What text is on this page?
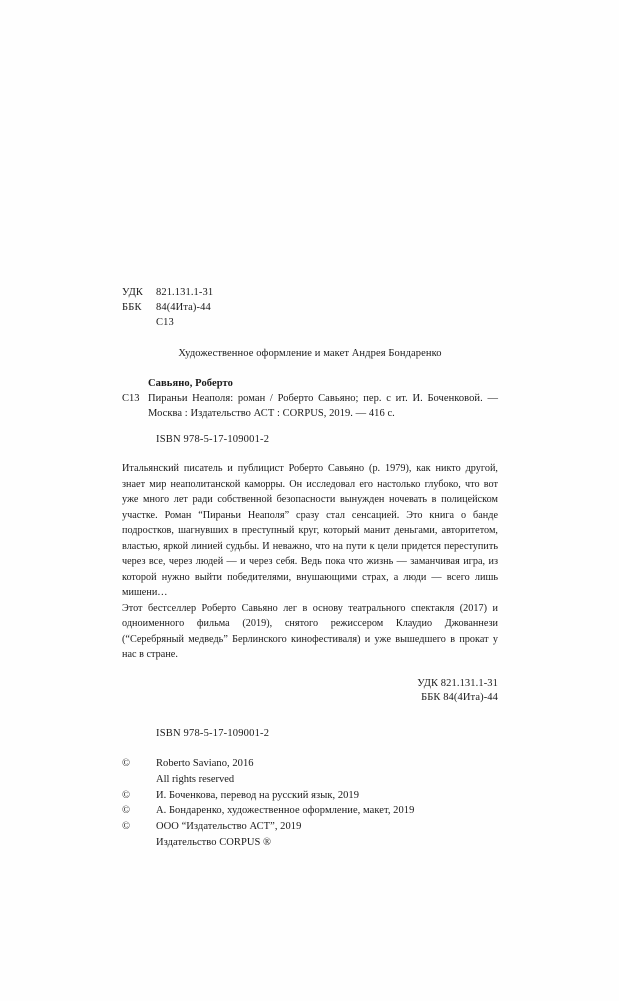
УДК	821.131.1-31
ББК	84(4Ита)-44
С13
Художественное оформление и макет Андрея Бондаренко
Савьяно, Роберто
С13 Пираньи Неаполя: роман / Роберто Савьяно; пер. с ит. И. Боченковой. — Москва : Издательство АСТ : CORPUS, 2019. — 416 с.
ISBN 978-5-17-109001-2

Итальянский писатель и публицист Роберто Савьяно (р. 1979), как никто другой, знает мир неаполитанской каморры. Он исследовал его настолько глубоко, что вот уже много лет ради собственной безопасности вынужден ночевать в полицейском участке. Роман “Пираньи Неаполя” сразу стал сенсацией. Это книга о банде подростков, шагнувших в преступный круг, который манит деньгами, авторитетом, властью, яркой линией судьбы. И неважно, что на пути к цели придется переступить через все, через людей — и через себя. Ведь пока что жизнь — заманчивая игра, из которой нужно выйти победителями, внушающими страх, а люди — всего лишь мишени…

Этот бестселлер Роберто Савьяно лег в основу театрального спектакля (2017) и одноименного фильма (2019), снятого режиссером Клаудио Джованнези (“Серебряный медведь” Берлинского кинофестиваля) и уже вышедшего в прокат у нас в стране.

УДК 821.131.1-31
ББК 84(4Ита)-44
ISBN 978-5-17-109001-2
©	Roberto Saviano, 2016
All rights reserved
©	И. Боченкова, перевод на русский язык, 2019
©	А. Бондаренко, художественное оформление, макет, 2019
©	ООО “Издательство АСТ”, 2019
Издательство CORPUS ®
